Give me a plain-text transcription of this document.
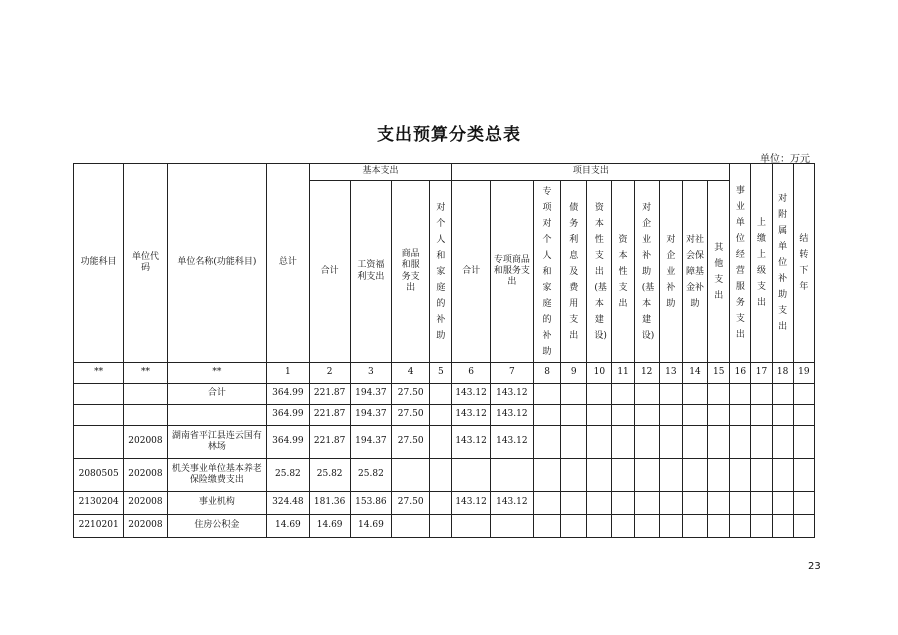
支出预算分类总表
单位：万元
功能科目	单位代码	单位名称(功能科目)	总计	基本支出				项目支出										事业单位经营服务支出	上缴上级支出	对附属单位补助支出	结转下年
				合计	工资福利支出	商品和服务支出	对个人和家庭的补助	合计	专项商品和服务支出	专项对个人和家庭的补助	债务利息及费用支出	资本性支出(基本建设)	资本性支出	对企业补助(基本建设)	对企业补助	对社会保障基金补助	其他支出				
**	**	**	1	2	3	4	5	6	7	8	9	10	11	12	13	14	15	16	17	18	19
		合计	364.99	221.87	194.37	27.50		143.12	143.12												
			364.99	221.87	194.37	27.50		143.12	143.12												
	202008	湖南省平江县连云国有林场	364.99	221.87	194.37	27.50		143.12	143.12												
2080505	202008	机关事业单位基本养老保险缴费支出	25.82	25.82	25.82																
2130204	202008	事业机构	324.48	181.36	153.86	27.50		143.12	143.12												
2210201	202008	住房公积金	14.69	14.69	14.69																
23
